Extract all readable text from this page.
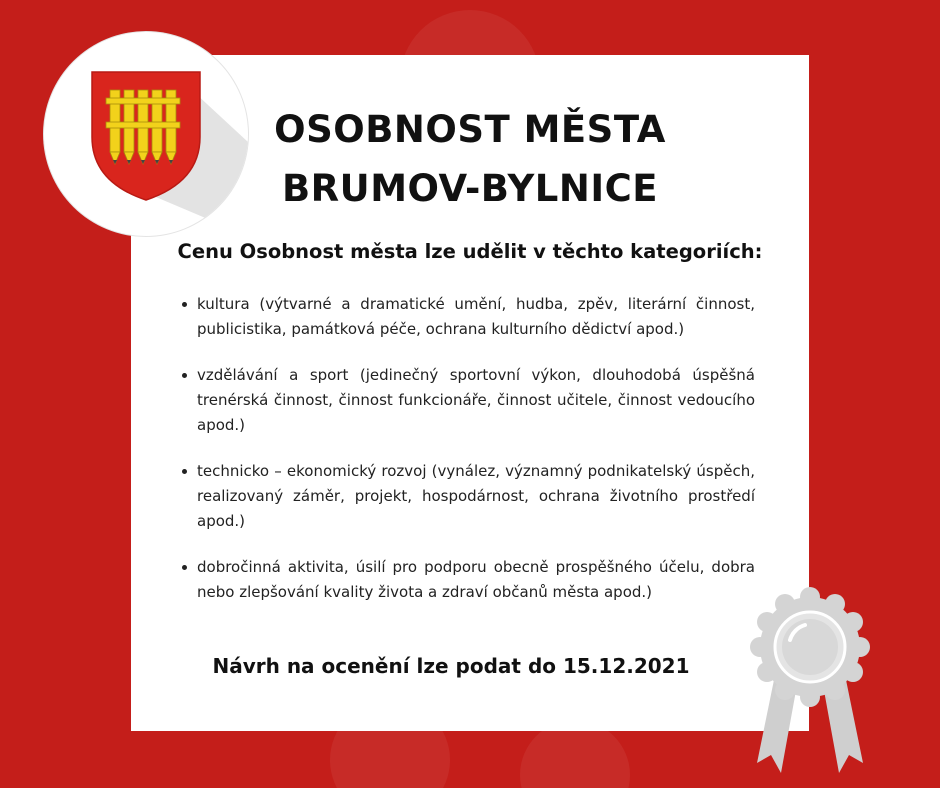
OSOBNOST MĚSTA
BRUMOV-BYLNICE
Cenu Osobnost města lze udělit v těchto kategoriích:
kultura (výtvarné a dramatické umění, hudba, zpěv, literární činnost, publicistika, památková péče, ochrana kulturního dědictví apod.)
vzdělávání a sport (jedinečný sportovní výkon, dlouhodobá úspěšná trenérská činnost, činnost funkcionáře, činnost učitele, činnost vedoucího apod.)
technicko – ekonomický rozvoj (vynález, významný podnikatelský úspěch, realizovaný záměr, projekt, hospodárnost, ochrana životního prostředí apod.)
dobročinná aktivita, úsilí pro podporu obecně prospěšného účelu, dobra nebo zlepšování kvality života a zdraví občanů města apod.)
Návrh na ocenění lze podat do 15.12.2021
